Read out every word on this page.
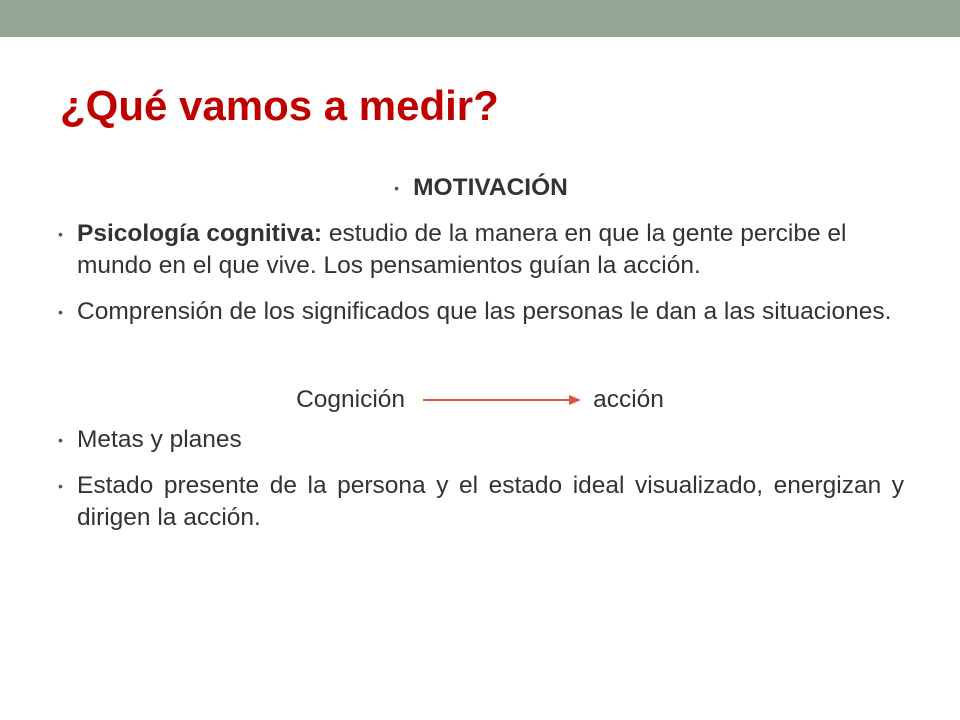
¿Qué vamos a medir?
• MOTIVACIÓN
• Psicología cognitiva: estudio de la manera en que la gente percibe el mundo en el que vive. Los pensamientos guían la acción.
• Comprensión de los significados que las personas le dan a las situaciones.
Cognición	acción
• Metas y planes
• Estado presente de la persona y el estado ideal visualizado, energizan y dirigen la acción.
